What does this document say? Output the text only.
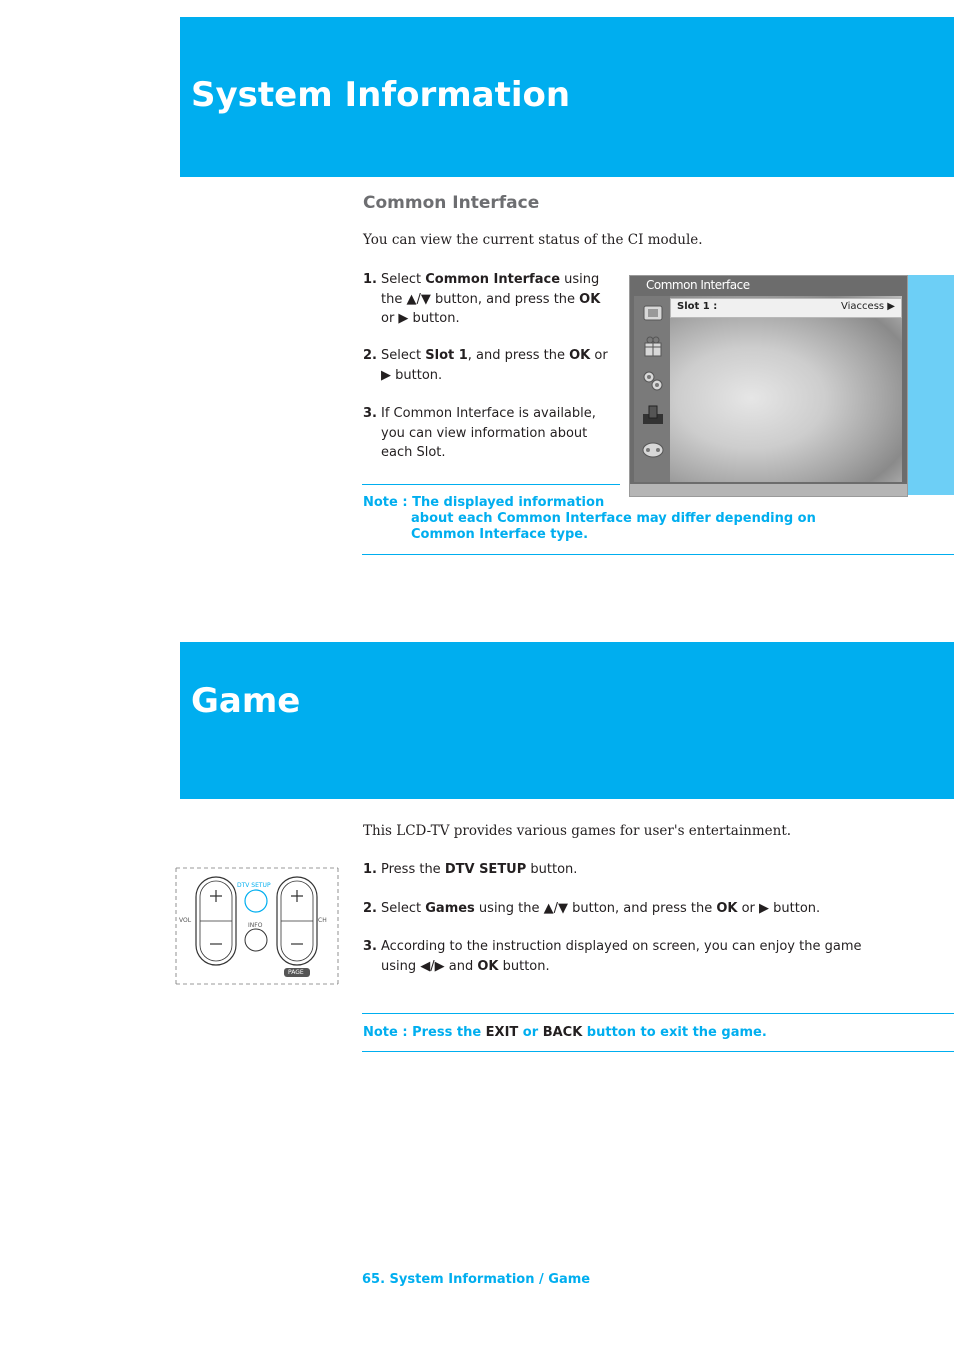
System Information
Common Interface

You can view the current status of the CI module.

1. Select Common Interface using the ▲/▼ button, and press the OK or ▶ button.
2. Select Slot 1, and press the OK or ▶ button.
3. If Common Interface is available, you can view information about each Slot.
Common Interface
Slot 1 :	Viaccess ▶
Note : The displayed information
about each Common Interface may differ depending on
Common Interface type.
Game

This LCD-TV provides various games for user's entertainment.

VOL	CH
DTV SETUP
INFO
PAGE
1. Press the DTV SETUP button.
2. Select Games using the ▲/▼ button, and press the OK or ▶ button.
3. According to the instruction displayed on screen, you can enjoy the game using ◀/▶ and OK button.
Note : Press the EXIT or BACK button to exit the game.
65. System Information / Game
